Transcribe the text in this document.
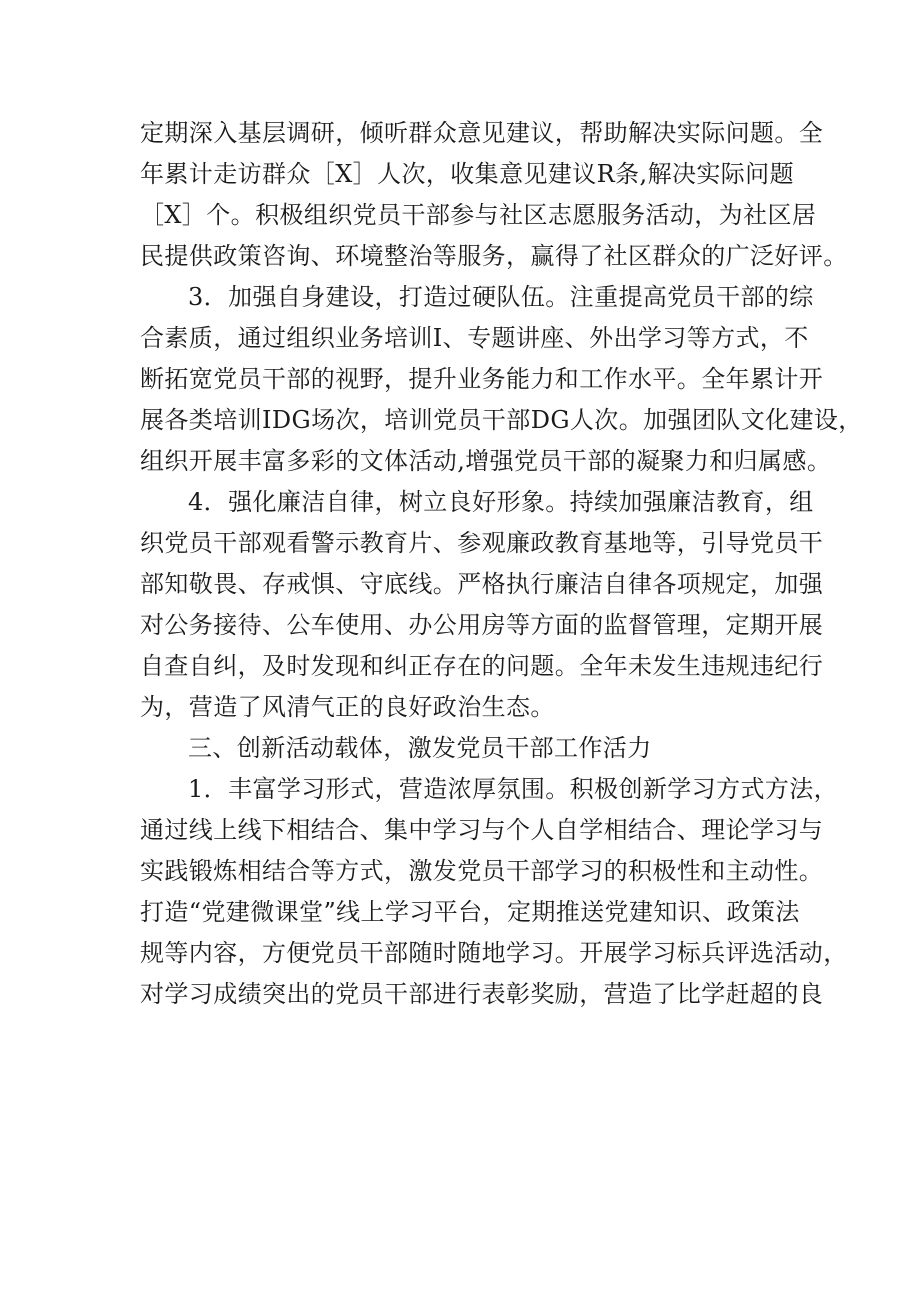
定期深入基层调研，倾听群众意见建议，帮助解决实际问题。全
年累计走访群众［X］人次，收集意见建议R条,解决实际问题
［X］个。积极组织党员干部参与社区志愿服务活动，为社区居
民提供政策咨询、环境整治等服务，赢得了社区群众的广泛好评。
3．加强自身建设，打造过硬队伍。注重提高党员干部的综
合素质，通过组织业务培训I、专题讲座、外出学习等方式，不
断拓宽党员干部的视野，提升业务能力和工作水平。全年累计开
展各类培训IDG场次，培训党员干部DG人次。加强团队文化建设，
组织开展丰富多彩的文体活动,增强党员干部的凝聚力和归属感。
4．强化廉洁自律，树立良好形象。持续加强廉洁教育，组
织党员干部观看警示教育片、参观廉政教育基地等，引导党员干
部知敬畏、存戒惧、守底线。严格执行廉洁自律各项规定，加强
对公务接待、公车使用、办公用房等方面的监督管理，定期开展
自查自纠，及时发现和纠正存在的问题。全年未发生违规违纪行
为，营造了风清气正的良好政治生态。
三、创新活动载体，激发党员干部工作活力
1．丰富学习形式，营造浓厚氛围。积极创新学习方式方法，
通过线上线下相结合、集中学习与个人自学相结合、理论学习与
实践锻炼相结合等方式，激发党员干部学习的积极性和主动性。
打造“党建微课堂”线上学习平台，定期推送党建知识、政策法
规等内容，方便党员干部随时随地学习。开展学习标兵评选活动，
对学习成绩突出的党员干部进行表彰奖励，营造了比学赶超的良
